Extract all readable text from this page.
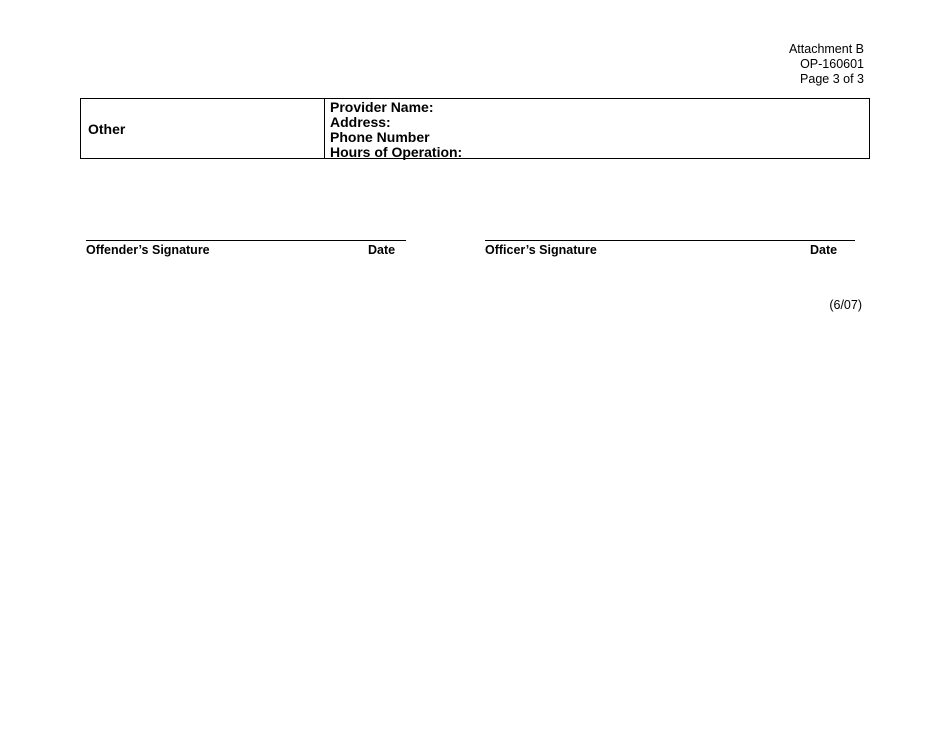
Attachment B
OP-160601
Page 3 of 3
Other
Provider Name:
Address:
Phone Number
Hours of Operation:
Offender’s Signature	Date	Officer’s Signature	Date
(6/07)
